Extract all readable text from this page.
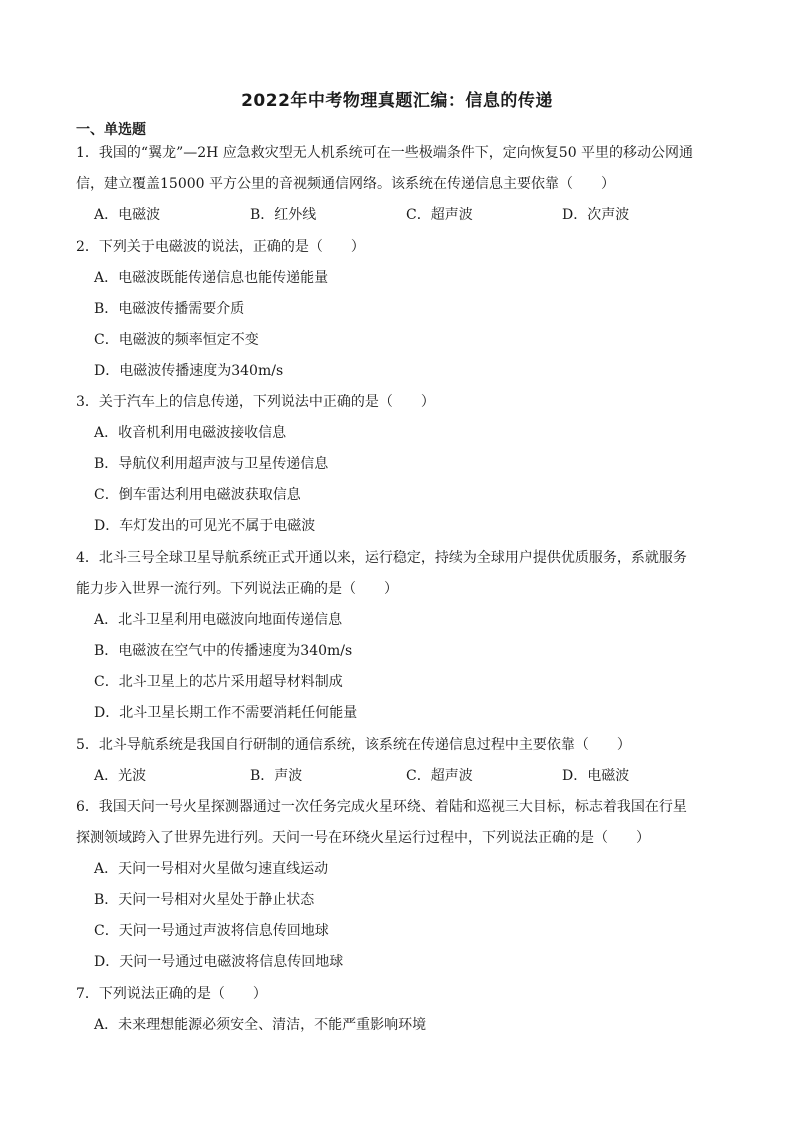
2022年中考物理真题汇编：信息的传递
一、单选题
1．我国的“翼龙”—2H 应急救灾型无人机系统可在一些极端条件下，定向恢复50 平里的移动公网通
信，建立覆盖15000 平方公里的音视频通信网络。该系统在传递信息主要依靠（　　）
A．电磁波	B．红外线	C．超声波	D．次声波
2．下列关于电磁波的说法，正确的是（　　）
A．电磁波既能传递信息也能传递能量
B．电磁波传播需要介质
C．电磁波的频率恒定不变
D．电磁波传播速度为340m/s
3．关于汽车上的信息传递，下列说法中正确的是（　　）
A．收音机利用电磁波接收信息
B．导航仪利用超声波与卫星传递信息
C．倒车雷达利用电磁波获取信息
D．车灯发出的可见光不属于电磁波
4．北斗三号全球卫星导航系统正式开通以来，运行稳定，持续为全球用户提供优质服务，系就服务
能力步入世界一流行列。下列说法正确的是（　　）
A．北斗卫星利用电磁波向地面传递信息
B．电磁波在空气中的传播速度为340m/s
C．北斗卫星上的芯片采用超导材料制成
D．北斗卫星长期工作不需要消耗任何能量
5．北斗导航系统是我国自行研制的通信系统，该系统在传递信息过程中主要依靠（　　）
A．光波	B．声波	C．超声波	D．电磁波
6．我国天问一号火星探测器通过一次任务完成火星环绕、着陆和巡视三大目标，标志着我国在行星
探测领域跨入了世界先进行列。天问一号在环绕火星运行过程中，下列说法正确的是（　　）
A．天问一号相对火星做匀速直线运动
B．天问一号相对火星处于静止状态
C．天问一号通过声波将信息传回地球
D．天问一号通过电磁波将信息传回地球
7．下列说法正确的是（　　）
A．未来理想能源必须安全、清洁，不能严重影响环境
